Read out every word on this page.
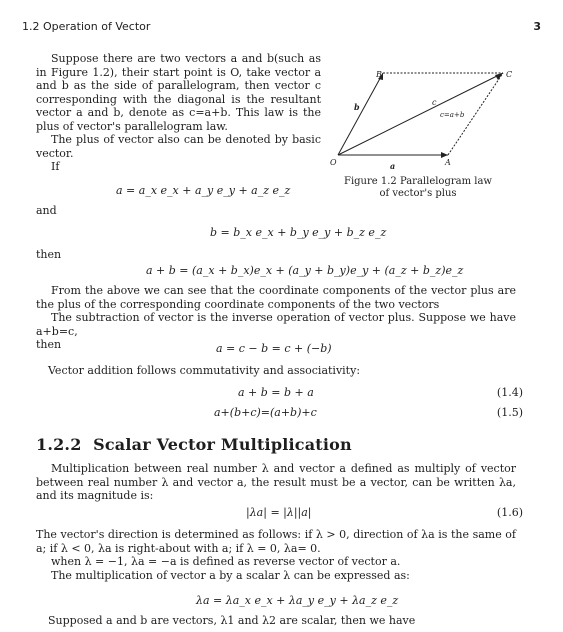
1.2 Operation of Vector	3

Suppose there are two vectors a and b(such as in Figure 1.2), their start point is O, take vector a and b as the side of parallelogram, then vector c corresponding with the diagonal is the resultant vector a and b, denote as c=a+b. This law is the plus of vector's parallelogram law.

The plus of vector also can be denoted by basic vector.

If

B	C
O	A
a
b	c
c=a+b
Figure 1.2 Parallelogram law of vector's plus
a = a_x e_x + a_y e_y + a_z e_z
and
b = b_x e_x + b_y e_y + b_z e_z
then
a + b = (a_x + b_x)e_x + (a_y + b_y)e_y + (a_z + b_z)e_z

From the above we can see that the coordinate components of the vector plus are the plus of the corresponding coordinate components of the two vectors

The subtraction of vector is the inverse operation of vector plus. Suppose we have a+b=c,

then	a = c − b = c + (−b)
Vector addition follows commutativity and associativity:
a + b = b + a	(1.4)
a+(b+c)=(a+b)+c	(1.5)
1.2.2 Scalar Vector Multiplication

Multiplication between real number λ and vector a defined as multiply of vector between real number λ and vector a, the result must be a vector, can be written λa, and its magnitude is:

|λa| = |λ||a|	(1.6)

The vector's direction is determined as follows: if λ > 0, direction of λa is the same of a; if λ < 0, λa is right-about with a; if λ = 0, λa= 0.

when λ = −1, λa = −a is defined as reverse vector of vector a.

The multiplication of vector a by a scalar λ can be expressed as:

λa = λa_x e_x + λa_y e_y + λa_z e_z
Supposed a and b are vectors, λ1 and λ2 are scalar, then we have
